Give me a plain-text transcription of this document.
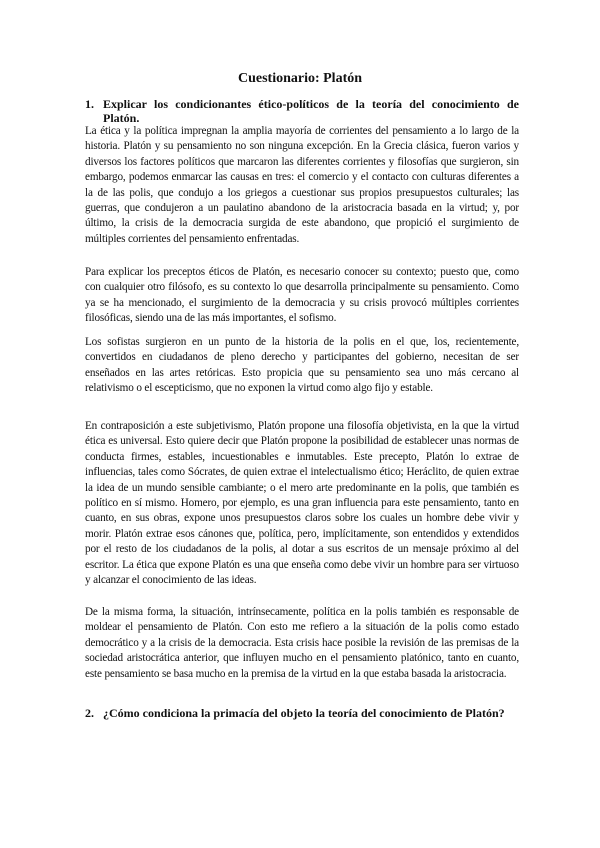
Cuestionario: Platón
1. Explicar los condicionantes ético-políticos de la teoría del conocimiento de Platón.

La ética y la política impregnan la amplia mayoría de corrientes del pensamiento a lo largo de la historia. Platón y su pensamiento no son ninguna excepción. En la Grecia clásica, fueron varios y diversos los factores políticos que marcaron las diferentes corrientes y filosofías que surgieron, sin embargo, podemos enmarcar las causas en tres: el comercio y el contacto con culturas diferentes a la de las polis, que condujo a los griegos a cuestionar sus propios presupuestos culturales; las guerras, que condujeron a un paulatino abandono de la aristocracia basada en la virtud; y, por último, la crisis de la democracia surgida de este abandono, que propició el surgimiento de múltiples corrientes del pensamiento enfrentadas.

Para explicar los preceptos éticos de Platón, es necesario conocer su contexto; puesto que, como con cualquier otro filósofo, es su contexto lo que desarrolla principalmente su pensamiento. Como ya se ha mencionado, el surgimiento de la democracia y su crisis provocó múltiples corrientes filosóficas, siendo una de las más importantes, el sofismo.

Los sofistas surgieron en un punto de la historia de la polis en el que, los, recientemente, convertidos en ciudadanos de pleno derecho y participantes del gobierno, necesitan de ser enseñados en las artes retóricas. Esto propicia que su pensamiento sea uno más cercano al relativismo o el escepticismo, que no exponen la virtud como algo fijo y estable.

En contraposición a este subjetivismo, Platón propone una filosofía objetivista, en la que la virtud ética es universal. Esto quiere decir que Platón propone la posibilidad de establecer unas normas de conducta firmes, estables, incuestionables e inmutables. Este precepto, Platón lo extrae de influencias, tales como Sócrates, de quien extrae el intelectualismo ético; Heráclito, de quien extrae la idea de un mundo sensible cambiante; o el mero arte predominante en la polis, que también es político en sí mismo. Homero, por ejemplo, es una gran influencia para este pensamiento, tanto en cuanto, en sus obras, expone unos presupuestos claros sobre los cuales un hombre debe vivir y morir. Platón extrae esos cánones que, política, pero, implícitamente, son entendidos y extendidos por el resto de los ciudadanos de la polis, al dotar a sus escritos de un mensaje próximo al del escritor. La ética que expone Platón es una que enseña como debe vivir un hombre para ser virtuoso y alcanzar el conocimiento de las ideas.

De la misma forma, la situación, intrínsecamente, política en la polis también es responsable de moldear el pensamiento de Platón. Con esto me refiero a la situación de la polis como estado democrático y a la crisis de la democracia. Esta crisis hace posible la revisión de las premisas de la sociedad aristocrática anterior, que influyen mucho en el pensamiento platónico, tanto en cuanto, este pensamiento se basa mucho en la premisa de la virtud en la que estaba basada la aristocracia.

2. ¿Cómo condiciona la primacía del objeto la teoría del conocimiento de Platón?
